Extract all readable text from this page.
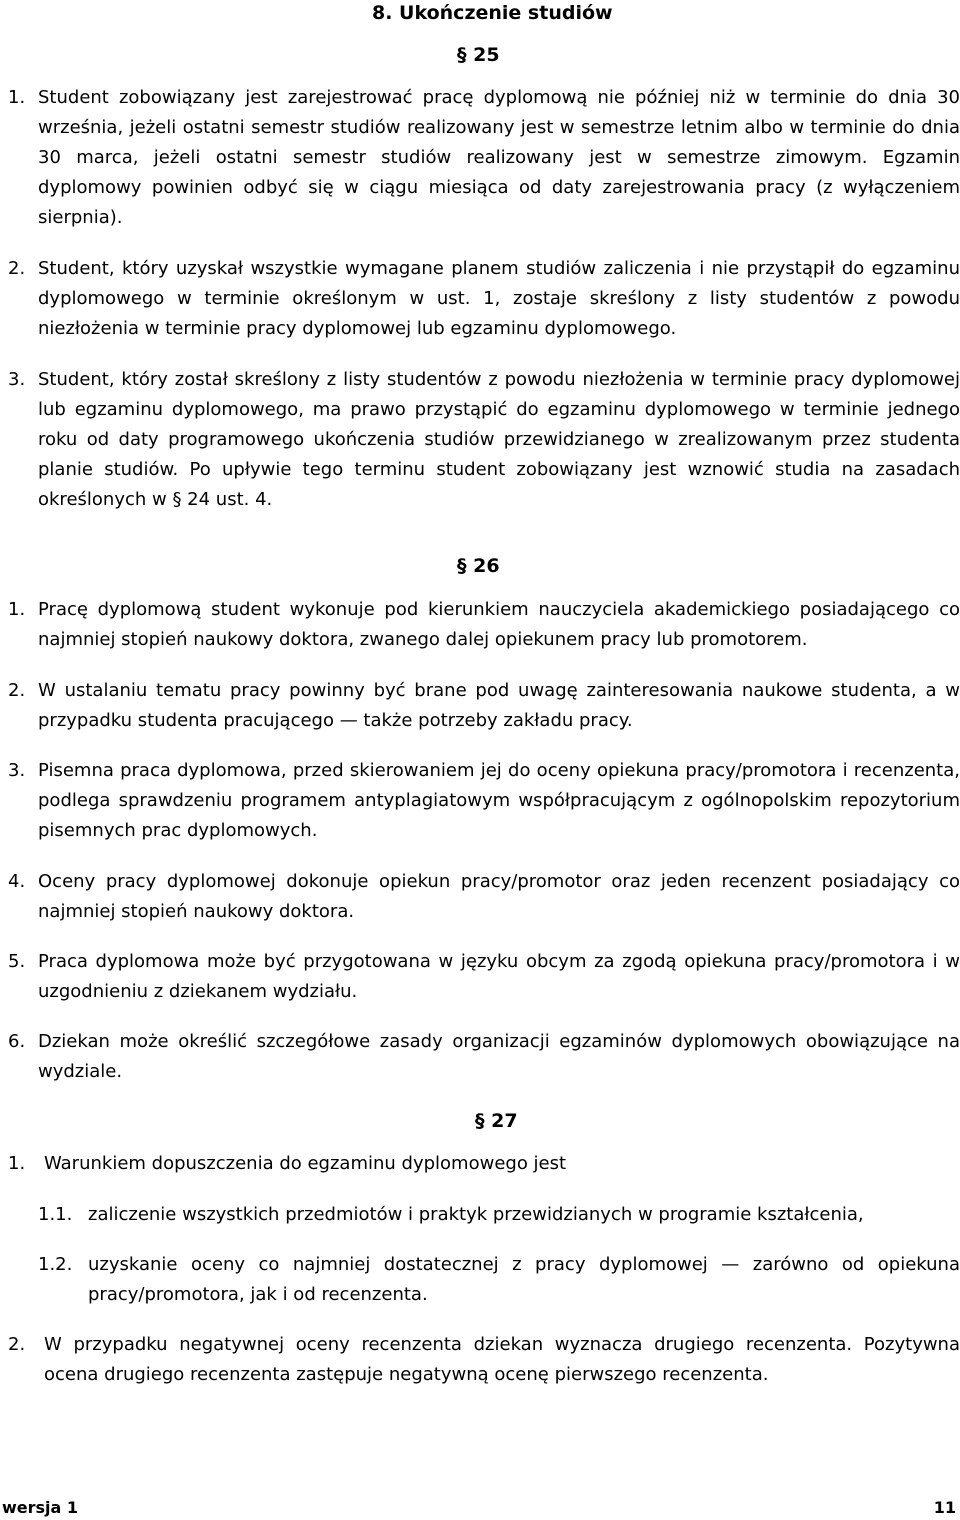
8. Ukończenie studiów
§ 25
1. Student zobowiązany jest zarejestrować pracę dyplomową nie później niż w terminie do dnia 30 września, jeżeli ostatni semestr studiów realizowany jest w semestrze letnim albo w terminie do dnia 30 marca, jeżeli ostatni semestr studiów realizowany jest w semestrze zimowym. Egzamin dyplomowy powinien odbyć się w ciągu miesiąca od daty zarejestrowania pracy (z wyłączeniem sierpnia).
2. Student, który uzyskał wszystkie wymagane planem studiów zaliczenia i nie przystąpił do egzaminu dyplomowego w terminie określonym w ust. 1, zostaje skreślony z listy studentów z powodu niezłożenia w terminie pracy dyplomowej lub egzaminu dyplomowego.
3. Student, który został skreślony z listy studentów z powodu niezłożenia w terminie pracy dyplomowej lub egzaminu dyplomowego, ma prawo przystąpić do egzaminu dyplomowego w terminie jednego roku od daty programowego ukończenia studiów przewidzianego w zrealizowanym przez studenta planie studiów. Po upływie tego terminu student zobowiązany jest wznowić studia na zasadach określonych w § 24 ust. 4.
§ 26
1. Pracę dyplomową student wykonuje pod kierunkiem nauczyciela akademickiego posiadającego co najmniej stopień naukowy doktora, zwanego dalej opiekunem pracy lub promotorem.
2. W ustalaniu tematu pracy powinny być brane pod uwagę zainteresowania naukowe studenta, a w przypadku studenta pracującego — także potrzeby zakładu pracy.
3. Pisemna praca dyplomowa, przed skierowaniem jej do oceny opiekuna pracy/promotora i recenzenta, podlega sprawdzeniu programem antyplagiatowym współpracującym z ogólnopolskim repozytorium pisemnych prac dyplomowych.
4. Oceny pracy dyplomowej dokonuje opiekun pracy/promotor oraz jeden recenzent posiadający co najmniej stopień naukowy doktora.
5. Praca dyplomowa może być przygotowana w języku obcym za zgodą opiekuna pracy/promotora i w uzgodnieniu z dziekanem wydziału.
6. Dziekan może określić szczegółowe zasady organizacji egzaminów dyplomowych obowiązujące na wydziale.
§ 27
1.	Warunkiem dopuszczenia do egzaminu dyplomowego jest
1.1. zaliczenie wszystkich przedmiotów i praktyk przewidzianych w programie kształcenia,
1.2. uzyskanie oceny co najmniej dostatecznej z pracy dyplomowej — zarówno od opiekuna pracy/promotora, jak i od recenzenta.
2.	W przypadku negatywnej oceny recenzenta dziekan wyznacza drugiego recenzenta. Pozytywna ocena drugiego recenzenta zastępuje negatywną ocenę pierwszego recenzenta.
wersja 1	11
